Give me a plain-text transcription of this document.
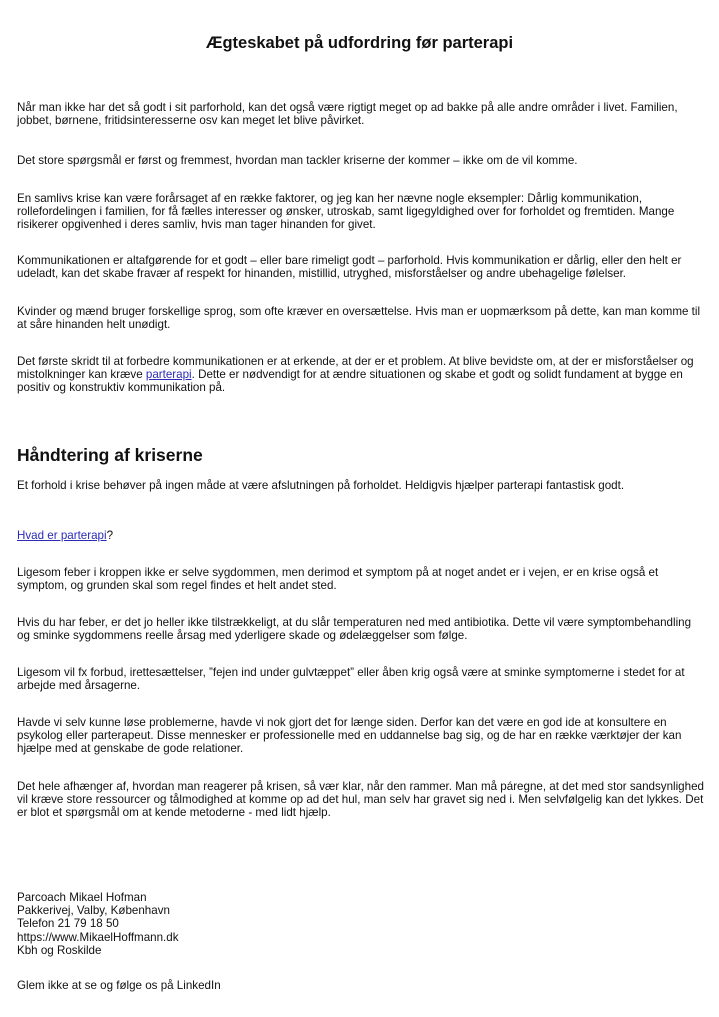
Ægteskabet på udfordring før parterapi

Når man ikke har det så godt i sit parforhold, kan det også være rigtigt meget op ad bakke på alle andre områder i livet. Familien, jobbet, børnene, fritidsinteresserne osv kan meget let blive påvirket.

Det store spørgsmål er først og fremmest, hvordan man tackler kriserne der kommer – ikke om de vil komme.

En samlivs krise kan være forårsaget af en række faktorer, og jeg kan her nævne nogle eksempler: Dårlig kommunikation, rollefordelingen i familien, for få fælles interesser og ønsker, utroskab, samt ligegyldighed over for forholdet og fremtiden. Mange risikerer opgivenhed i deres samliv, hvis man tager hinanden for givet.

Kommunikationen er altafgørende for et godt – eller bare rimeligt godt – parforhold. Hvis kommunikation er dårlig, eller den helt er udeladt, kan det skabe fravær af respekt for hinanden, mistillid, utryghed, misforståelser og andre ubehagelige følelser.

Kvinder og mænd bruger forskellige sprog, som ofte kræver en oversættelse. Hvis man er uopmærksom på dette, kan man komme til at såre hinanden helt unødigt.

Det første skridt til at forbedre kommunikationen er at erkende, at der er et problem. At blive bevidste om, at der er misforståelser og mistolkninger kan kræve parterapi. Dette er nødvendigt for at ændre situationen og skabe et godt og solidt fundament at bygge en positiv og konstruktiv kommunikation på.

Håndtering af kriserne

Et forhold i krise behøver på ingen måde at være afslutningen på forholdet. Heldigvis hjælper parterapi fantastisk godt.

Hvad er parterapi?

Ligesom feber i kroppen ikke er selve sygdommen, men derimod et symptom på at noget andet er i vejen, er en krise også et symptom, og grunden skal som regel findes et helt andet sted.

Hvis du har feber, er det jo heller ikke tilstrækkeligt, at du slår temperaturen ned med antibiotika. Dette vil være symptombehandling og sminke sygdommens reelle årsag med yderligere skade og ødelæggelser som følge.

Ligesom vil fx forbud, irettesættelser, ”fejen ind under gulvtæppet” eller åben krig også være at sminke symptomerne i stedet for at arbejde med årsagerne.

Havde vi selv kunne løse problemerne, havde vi nok gjort det for længe siden. Derfor kan det være en god ide at konsultere en psykolog eller parterapeut. Disse mennesker er professionelle med en uddannelse bag sig, og de har en række værktøjer der kan hjælpe med at genskabe de gode relationer.

Det hele afhænger af, hvordan man reagerer på krisen, så vær klar, når den rammer. Man må páregne, at det med stor sandsynlighed vil kræve store ressourcer og tålmodighed at komme op ad det hul, man selv har gravet sig ned i. Men selvfølgelig kan det lykkes. Det er blot et spørgsmål om at kende metoderne - med lidt hjælp.

Parcoach Mikael Hofman
Pakkerivej, Valby, København
Telefon 21 79 18 50
https://www.MikaelHoffmann.dk
Kbh og Roskilde

Glem ikke at se og følge os på LinkedIn
